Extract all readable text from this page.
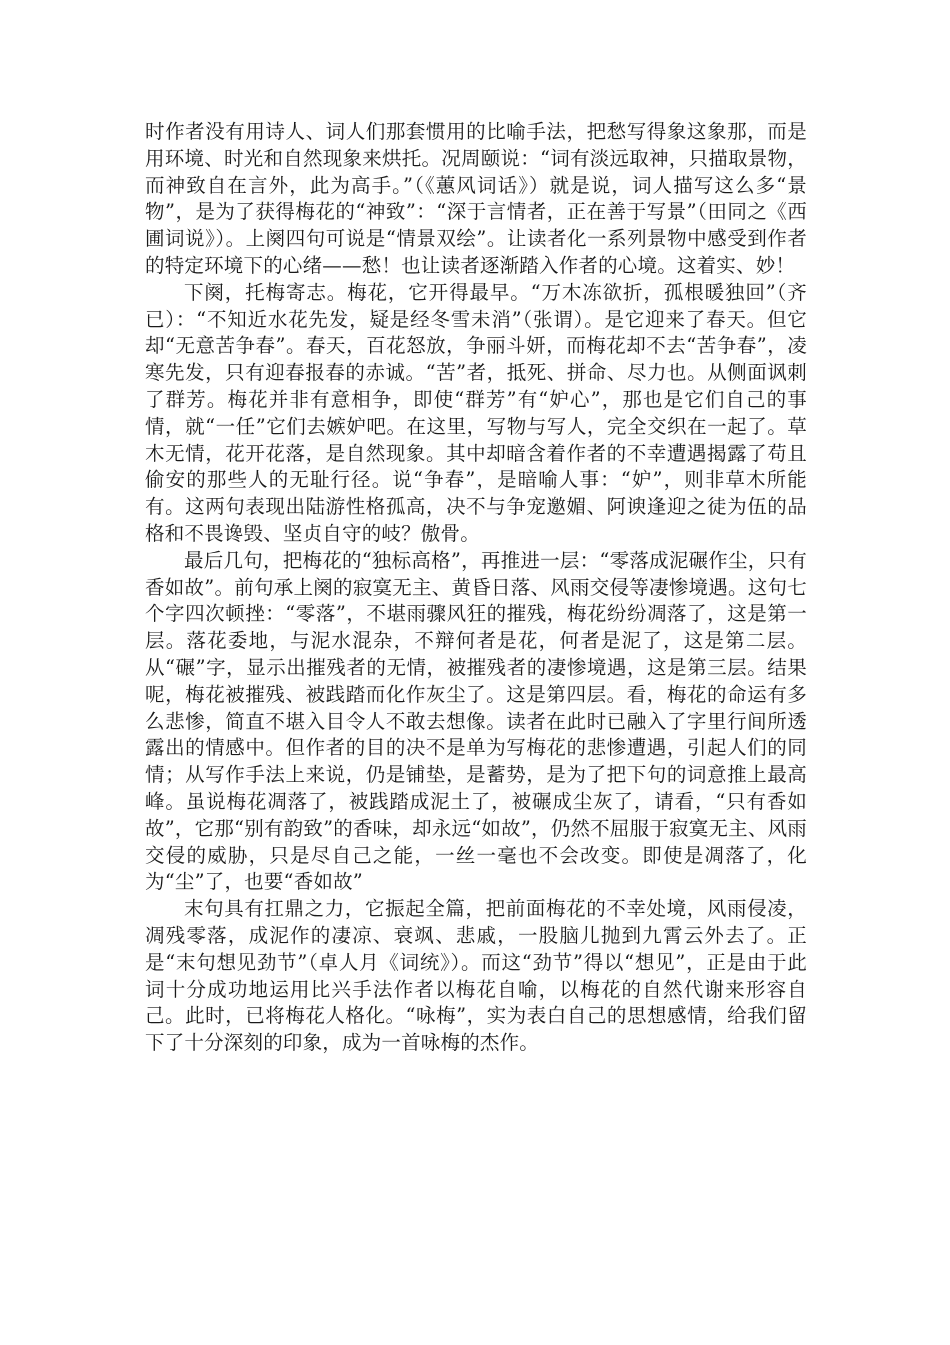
时作者没有用诗人、词人们那套惯用的比喻手法，把愁写得象这象那，而是用环境、时光和自然现象来烘托。况周颐说：“词有淡远取神，只描取景物，而神致自在言外，此为高手。”（《蕙风词话》）就是说，词人描写这么多“景物”，是为了获得梅花的“神致”：“深于言情者，正在善于写景”（田同之《西圃词说》）。上阕四句可说是“情景双绘”。让读者化一系列景物中感受到作者的特定环境下的心绪——愁！也让读者逐渐踏入作者的心境。这着实、妙！

下阕，托梅寄志。梅花，它开得最早。“万木冻欲折，孤根暖独回”（齐已）：“不知近水花先发，疑是经冬雪未消”（张谓）。是它迎来了春天。但它却“无意苦争春”。春天，百花怒放，争丽斗妍，而梅花却不去“苦争春”，凌寒先发，只有迎春报春的赤诚。“苦”者，抵死、拼命、尽力也。从侧面讽刺了群芳。梅花并非有意相争，即使“群芳”有“妒心”，那也是它们自己的事情，就“一任”它们去嫉妒吧。在这里，写物与写人，完全交织在一起了。草木无情，花开花落，是自然现象。其中却暗含着作者的不幸遭遇揭露了苟且偷安的那些人的无耻行径。说“争春”，是暗喻人事：“妒”，则非草木所能有。这两句表现出陆游性格孤高，决不与争宠邀媚、阿谀逢迎之徒为伍的品格和不畏谗毁、坚贞自守的岐？傲骨。

最后几句，把梅花的“独标高格”，再推进一层：“零落成泥碾作尘，只有香如故”。前句承上阕的寂寞无主、黄昏日落、风雨交侵等凄惨境遇。这句七个字四次顿挫：“零落”，不堪雨骤风狂的摧残，梅花纷纷凋落了，这是第一层。落花委地，与泥水混杂，不辩何者是花，何者是泥了，这是第二层。从“碾”字，显示出摧残者的无情，被摧残者的凄惨境遇，这是第三层。结果呢，梅花被摧残、被践踏而化作灰尘了。这是第四层。看，梅花的命运有多么悲惨，简直不堪入目令人不敢去想像。读者在此时已融入了字里行间所透露出的情感中。但作者的目的决不是单为写梅花的悲惨遭遇，引起人们的同情；从写作手法上来说，仍是铺垫，是蓄势，是为了把下句的词意推上最高峰。虽说梅花凋落了，被践踏成泥土了，被碾成尘灰了，请看，“只有香如故”，它那“别有韵致”的香味，却永远“如故”，仍然不屈服于寂寞无主、风雨交侵的威胁，只是尽自己之能，一丝一毫也不会改变。即使是凋落了，化为“尘”了，也要“香如故”

末句具有扛鼎之力，它振起全篇，把前面梅花的不幸处境，风雨侵凌，凋残零落，成泥作的凄凉、衰飒、悲戚，一股脑儿抛到九霄云外去了。正是“末句想见劲节”（卓人月《词统》）。而这“劲节”得以“想见”，正是由于此词十分成功地运用比兴手法作者以梅花自喻，以梅花的自然代谢来形容自己。此时，已将梅花人格化。“咏梅”，实为表白自己的思想感情，给我们留下了十分深刻的印象，成为一首咏梅的杰作。
